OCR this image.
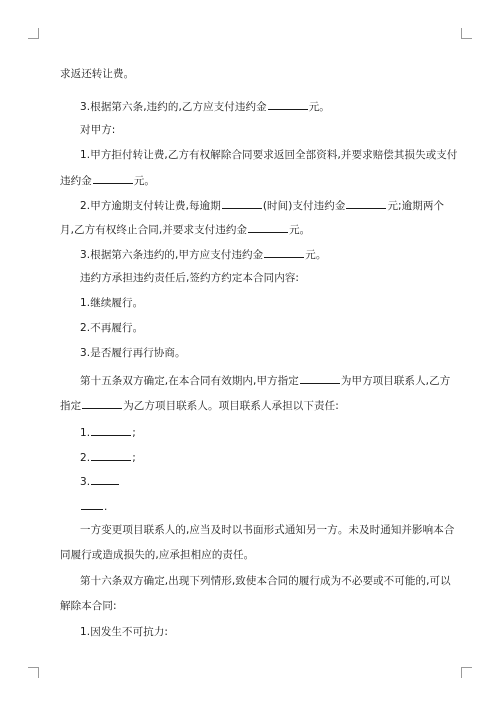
求返还转让费。
3.根据第六条,违约的,乙方应支付违约金	元。
对甲方:
1.甲方拒付转让费,乙方有权解除合同要求返回全部资料,并要求赔偿其损失或支付
违约金	元。
2.甲方逾期支付转让费,每逾期	(时间)支付违约金	元;逾期两个
月,乙方有权终止合同,并要求支付违约金	元。
3.根据第六条违约的,甲方应支付违约金	元。
违约方承担违约责任后,签约方约定本合同内容:
1.继续履行。
2.不再履行。
3.是否履行再行协商。
第十五条双方确定,在本合同有效期内,甲方指定	为甲方项目联系人,乙方
指定	为乙方项目联系人。项目联系人承担以下责任:
1.	;
2.	;
3.
.
一方变更项目联系人的,应当及时以书面形式通知另一方。未及时通知并影响本合
同履行或造成损失的,应承担相应的责任。
第十六条双方确定,出现下列情形,致使本合同的履行成为不必要或不可能的,可以
解除本合同:
1.因发生不可抗力:
